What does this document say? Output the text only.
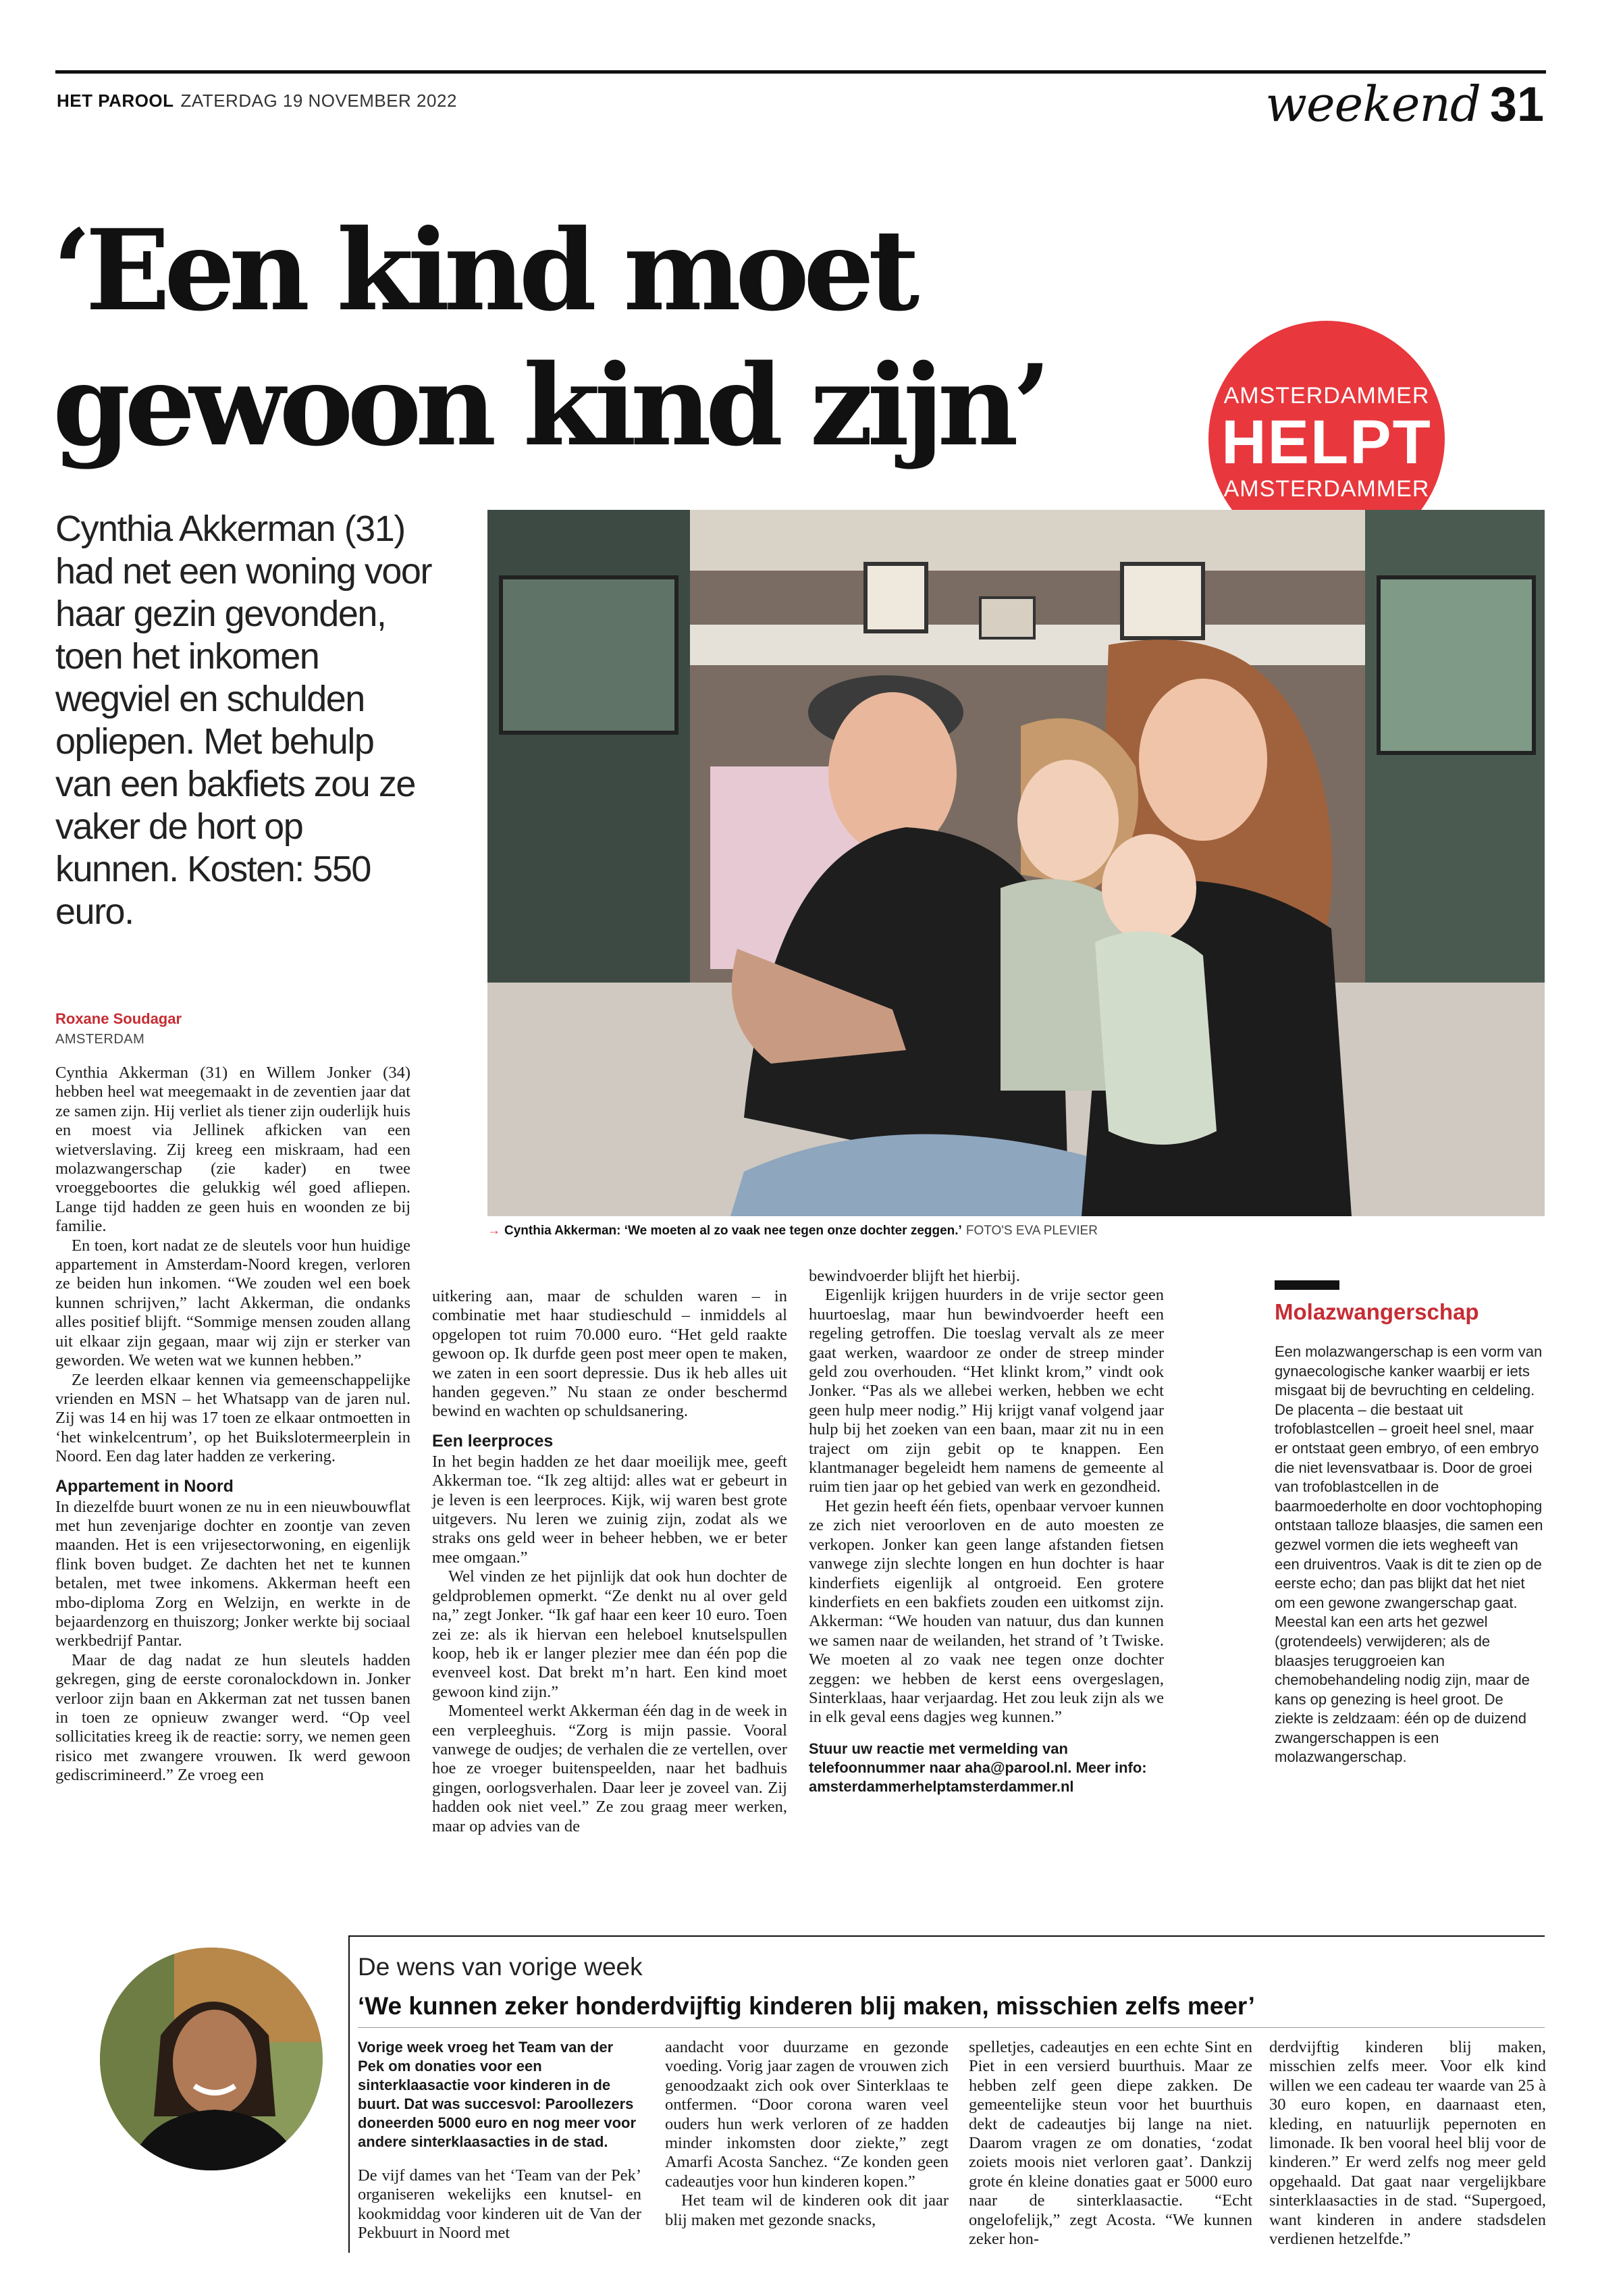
HET PAROOL ZATERDAG 19 NOVEMBER 2022	weekend 31
‘Een kind moet
gewoon kind zijn’	AMSTERDAMMER
HELPT
AMSTERDAMMER
Cynthia Akkerman (31) had net een woning voor haar gezin gevonden, toen het inkomen wegviel en schulden opliepen. Met behulp van een bakfiets zou ze vaker de hort op kunnen. Kosten: 550 euro.
→ Cynthia Akkerman: ‘We moeten al zo vaak nee tegen onze dochter zeggen.’ FOTO'S EVA PLEVIER
Roxane Soudagar
AMSTERDAM

Cynthia Akkerman (31) en Willem Jonker (34) hebben heel wat meegemaakt in de zeventien jaar dat ze samen zijn. Hij verliet als tiener zijn ouderlijk huis en moest via Jellinek afkicken van een wietverslaving. Zij kreeg een miskraam, had een molazwangerschap (zie kader) en twee vroeggeboortes die gelukkig wél goed afliepen. Lange tijd hadden ze geen huis en woonden ze bij familie.

En toen, kort nadat ze de sleutels voor hun huidige appartement in Amsterdam-Noord kregen, verloren ze beiden hun inkomen. “We zouden wel een boek kunnen schrijven,” lacht Akkerman, die ondanks alles positief blijft. “Sommige mensen zouden allang uit elkaar zijn gegaan, maar wij zijn er sterker van geworden. We weten wat we kunnen hebben.”

Ze leerden elkaar kennen via gemeenschappelijke vrienden en MSN – het Whatsapp van de jaren nul. Zij was 14 en hij was 17 toen ze elkaar ontmoetten in ‘het winkelcentrum’, op het Buikslotermeerplein in Noord. Een dag later hadden ze verkering.

Appartement in Noord

In diezelfde buurt wonen ze nu in een nieuwbouwflat met hun zevenjarige dochter en zoontje van zeven maanden. Het is een vrijesectorwoning, en eigenlijk flink boven budget. Ze dachten het net te kunnen betalen, met twee inkomens. Akkerman heeft een mbo-diploma Zorg en Welzijn, en werkte in de bejaardenzorg en thuiszorg; Jonker werkte bij sociaal werkbedrijf Pantar.

Maar de dag nadat ze hun sleutels hadden gekregen, ging de eerste coronalockdown in. Jonker verloor zijn baan en Akkerman zat net tussen banen in toen ze opnieuw zwanger werd. “Op veel sollicitaties kreeg ik de reactie: sorry, we nemen geen risico met zwangere vrouwen. Ik werd gewoon gediscrimineerd.” Ze vroeg een

uitkering aan, maar de schulden waren – in combinatie met haar studieschuld – inmiddels al opgelopen tot ruim 70.000 euro. “Het geld raakte gewoon op. Ik durfde geen post meer open te maken, we zaten in een soort depressie. Dus ik heb alles uit handen gegeven.” Nu staan ze onder beschermd bewind en wachten op schuldsanering.

Een leerproces

In het begin hadden ze het daar moeilijk mee, geeft Akkerman toe. “Ik zeg altijd: alles wat er gebeurt in je leven is een leerproces. Kijk, wij waren best grote uitgevers. Nu leren we zuinig zijn, zodat als we straks ons geld weer in beheer hebben, we er beter mee omgaan.”

Wel vinden ze het pijnlijk dat ook hun dochter de geldproblemen opmerkt. “Ze denkt nu al over geld na,” zegt Jonker. “Ik gaf haar een keer 10 euro. Toen zei ze: als ik hiervan een heleboel knutselspullen koop, heb ik er langer plezier mee dan één pop die evenveel kost. Dat brekt m’n hart. Een kind moet gewoon kind zijn.”

Momenteel werkt Akkerman één dag in de week in een verpleeghuis. “Zorg is mijn passie. Vooral vanwege de oudjes; de verhalen die ze vertellen, over hoe ze vroeger buitenspeelden, naar het badhuis gingen, oorlogsverhalen. Daar leer je zoveel van. Zij hadden ook niet veel.” Ze zou graag meer werken, maar op advies van de

bewindvoerder blijft het hierbij.

Eigenlijk krijgen huurders in de vrije sector geen huurtoeslag, maar hun bewindvoerder heeft een regeling getroffen. Die toeslag vervalt als ze meer gaat werken, waardoor ze onder de streep minder geld zou overhouden. “Het klinkt krom,” vindt ook Jonker. “Pas als we allebei werken, hebben we echt geen hulp meer nodig.” Hij krijgt vanaf volgend jaar hulp bij het zoeken van een baan, maar zit nu in een traject om zijn gebit op te knappen. Een klantmanager begeleidt hem namens de gemeente al ruim tien jaar op het gebied van werk en gezondheid.

Het gezin heeft één fiets, openbaar vervoer kunnen ze zich niet veroorloven en de auto moesten ze verkopen. Jonker kan geen lange afstanden fietsen vanwege zijn slechte longen en hun dochter is haar kinderfiets eigenlijk al ontgroeid. Een grotere kinderfiets en een bakfiets zouden een uitkomst zijn. Akkerman: “We houden van natuur, dus dan kunnen we samen naar de weilanden, het strand of ’t Twiske. We moeten al zo vaak nee tegen onze dochter zeggen: we hebben de kerst eens overgeslagen, Sinterklaas, haar verjaardag. Het zou leuk zijn als we in elk geval eens dagjes weg kunnen.”

Stuur uw reactie met vermelding van telefoonnummer naar aha@parool.nl. Meer info: amsterdammerhelptamsterdammer.nl

Molazwangerschap
Een molazwangerschap is een vorm van gynaecologische kanker waarbij er iets misgaat bij de bevruchting en celdeling. De placenta – die bestaat uit trofoblastcellen – groeit heel snel, maar er ontstaat geen embryo, of een embryo die niet levensvatbaar is. Door de groei van trofoblastcellen in de baarmoederholte en door vochtophoping ontstaan talloze blaasjes, die samen een gezwel vormen die iets wegheeft van een druiventros. Vaak is dit te zien op de eerste echo; dan pas blijkt dat het niet om een gewone zwangerschap gaat. Meestal kan een arts het gezwel (grotendeels) verwijderen; als de blaasjes teruggroeien kan chemobehandeling nodig zijn, maar de kans op genezing is heel groot. De ziekte is zeldzaam: één op de duizend zwangerschappen is een molazwangerschap.
De wens van vorige week
‘We kunnen zeker honderdvijftig kinderen blij maken, misschien zelfs meer’

Vorige week vroeg het Team van der Pek om donaties voor een sinterklaasactie voor kinderen in de buurt. Dat was succesvol: Paroollezers doneerden 5000 euro en nog meer voor andere sinterklaasacties in de stad.

De vijf dames van het ‘Team van der Pek’ organiseren wekelijks een knutsel- en kookmiddag voor kinderen uit de Van der Pekbuurt in Noord met

aandacht voor duurzame en gezonde voeding. Vorig jaar zagen de vrouwen zich genoodzaakt zich ook over Sinterklaas te ontfermen. “Door corona waren veel ouders hun werk verloren of ze hadden minder inkomsten door ziekte,” zegt Amarfi Acosta Sanchez. “Ze konden geen cadeautjes voor hun kinderen kopen.”

Het team wil de kinderen ook dit jaar blij maken met gezonde snacks,

spelletjes, cadeautjes en een echte Sint en Piet in een versierd buurthuis. Maar ze hebben zelf geen diepe zakken. De gemeentelijke steun voor het buurthuis dekt de cadeautjes bij lange na niet. Daarom vragen ze om donaties, ‘zodat zoiets moois niet verloren gaat’. Dankzij grote én kleine donaties gaat er 5000 euro naar de sinterklaasactie. “Echt ongelofelijk,” zegt Acosta. “We kunnen zeker hon-

derdvijftig kinderen blij maken, misschien zelfs meer. Voor elk kind willen we een cadeau ter waarde van 25 à 30 euro kopen, en daarnaast eten, kleding, en natuurlijk pepernoten en limonade. Ik ben vooral heel blij voor de kinderen.” Er werd zelfs nog meer geld opgehaald. Dat gaat naar vergelijkbare sinterklaasacties in de stad. “Supergoed, want kinderen in andere stadsdelen verdienen hetzelfde.”
